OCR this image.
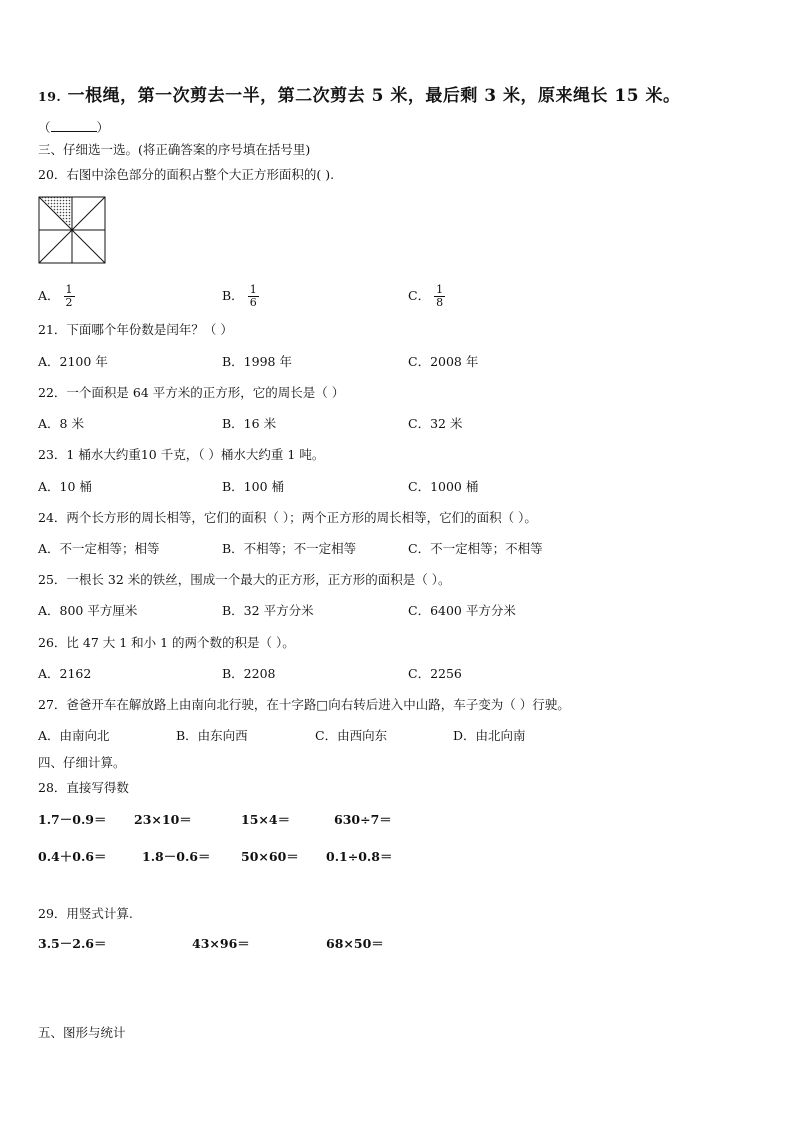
19. 一根绳，第一次剪去一半，第二次剪去 5 米，最后剩 3 米，原来绳长 15 米。
（	）
三、仔细选一选。(将正确答案的序号填在括号里)
20．右图中涂色部分的面积占整个大正方形面积的( ).
A． $\frac{1}{2}$	B． $\frac{1}{6}$	C． $\frac{1}{8}$
21．下面哪个年份数是闰年？（ ）
A．2100 年	B．1998 年	C．2008 年
22．一个面积是 64 平方米的正方形，它的周长是（ ）
A．8 米	B．16 米	C．32 米
23．1 桶水大约重10 千克，（ ）桶水大约重 1 吨。
A．10 桶	B．100 桶	C．1000 桶
24．两个长方形的周长相等，它们的面积（ ）；两个正方形的周长相等，它们的面积（ ）。
A．不一定相等；相等	B．不相等；不一定相等	C．不一定相等；不相等
25．一根长 32 米的铁丝，围成一个最大的正方形，正方形的面积是（ ）。
A．800 平方厘米	B．32 平方分米	C．6400 平方分米
26．比 47 大 1 和小 1 的两个数的积是（ ）。
A．2162	B．2208	C．2256
27．爸爸开车在解放路上由南向北行驶，在十字路□向右转后进入中山路，车子变为（ ）行驶。
A．由南向北	B．由东向西	C．由西向东	D．由北向南
四、仔细计算。
28．直接写得数
1.7－0.9＝ 23×10＝	15×4＝	630÷7＝
0.4＋0.6＝	1.8－0.6＝ 50×60＝ 0.1÷0.8＝
29．用竖式计算.
3.5－2.6＝	43×96＝	68×50＝
五、图形与统计
